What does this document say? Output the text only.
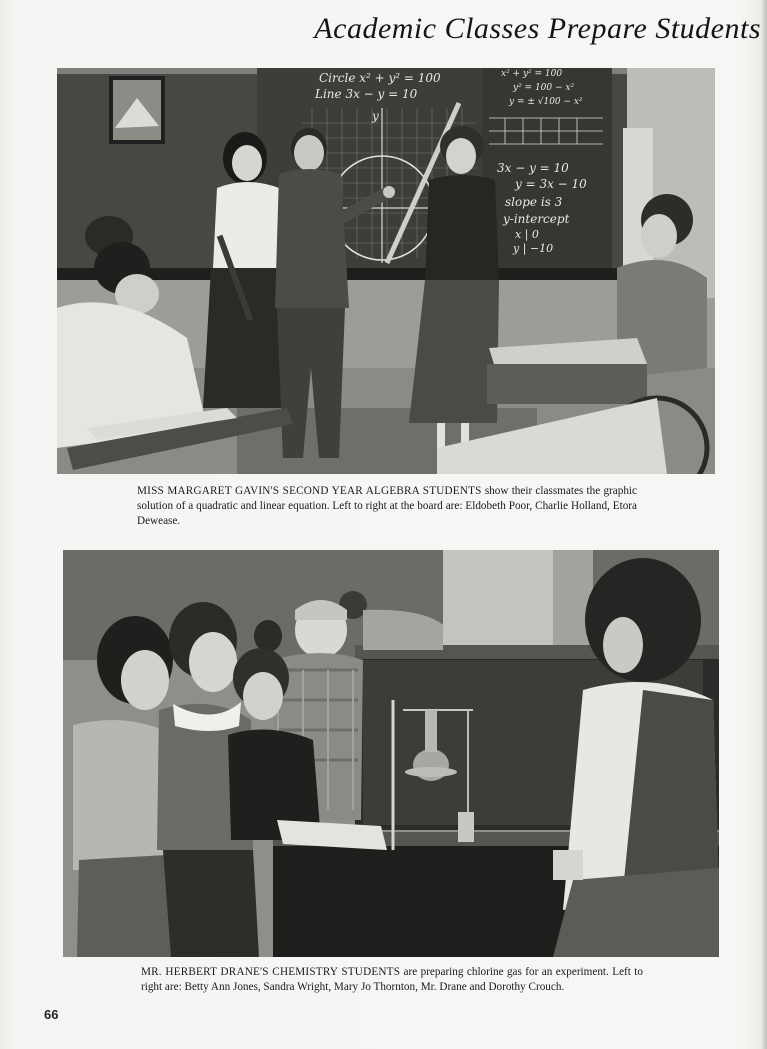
Academic Classes Prepare Students
Circle x² + y² = 100
Line 3x − y = 10
y
x² + y² = 100
y² = 100 − x²
y = ± √100 − x²
3x − y = 10
y = 3x − 10
slope is 3
y-intercept
x | 0
y | −10
MISS MARGARET GAVIN'S SECOND YEAR ALGEBRA STUDENTS show their classmates the graphic solution of a quadratic and linear equation. Left to right at the board are: Eldobeth Poor, Charlie Holland, Etora Dewease.
MR. HERBERT DRANE'S CHEMISTRY STUDENTS are preparing chlorine gas for an experiment. Left to right are: Betty Ann Jones, Sandra Wright, Mary Jo Thornton, Mr. Drane and Dorothy Crouch.
66
